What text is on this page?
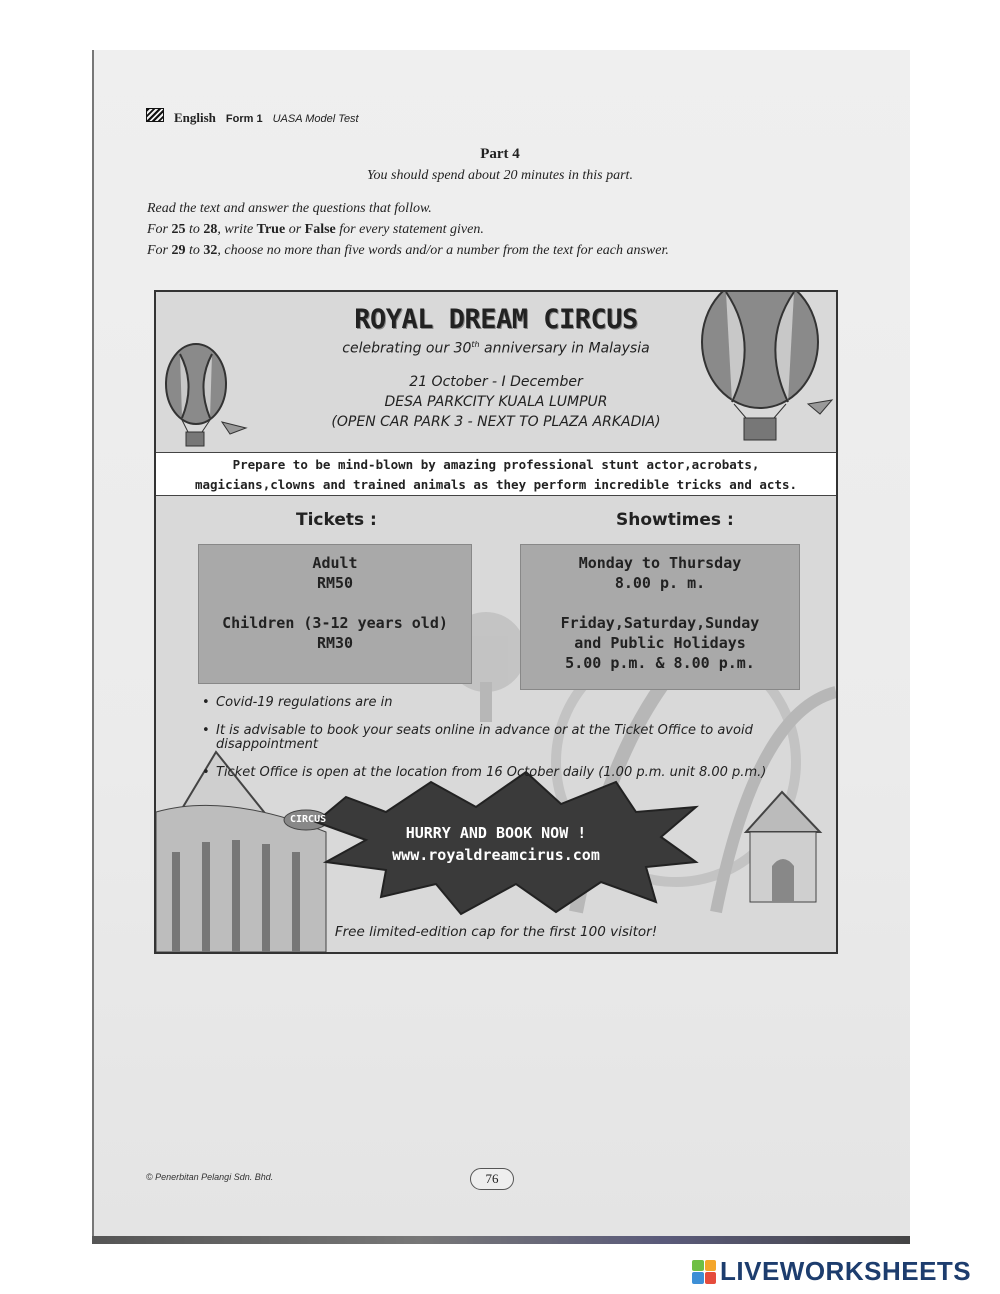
English Form 1 UASA Model Test
Part 4
You should spend about 20 minutes in this part.
Read the text and answer the questions that follow.
For 25 to 28, write True or False for every statement given.
For 29 to 32, choose no more than five words and/or a number from the text for each answer.
ROYAL DREAM CIRCUS
celebrating our 30th anniversary in Malaysia
21 October - I December
DESA PARKCITY KUALA LUMPUR
(OPEN CAR PARK 3 - NEXT TO PLAZA ARKADIA)
Prepare to be mind-blown by amazing professional stunt actor,acrobats,
magicians,clowns and trained animals as they perform incredible tricks and acts.
Tickets :	Showtimes :

Adult
RM50

Children (3-12 years old)
RM30

Monday to Thursday
8.00 p. m.

Friday,Saturday,Sunday
and Public Holidays
5.00 p.m. & 8.00 p.m.

• Covid-19 regulations are in
• It is advisable to book your seats online in advance or at the Ticket Office to avoid disappointment
• Ticket Office is open at the location from 16 October daily (1.00 p.m. unit 8.00 p.m.)
CIRCUS
HURRY AND BOOK NOW !
www.royaldreamcirus.com
Free limited-edition cap for the first 100 visitor!
© Penerbitan Pelangi Sdn. Bhd.	76
LIVEWORKSHEETS
